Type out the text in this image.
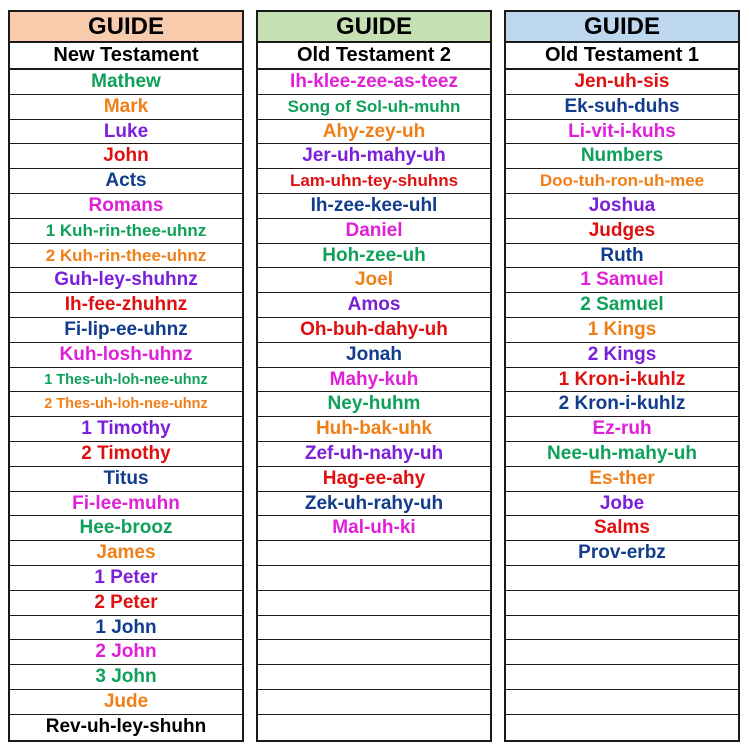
GUIDE
New Testament
Mathew
Mark
Luke
John
Acts
Romans
1 Kuh-rin-thee-uhnz
2 Kuh-rin-thee-uhnz
Guh-ley-shuhnz
Ih-fee-zhuhnz
Fi-lip-ee-uhnz
Kuh-losh-uhnz
1 Thes-uh-loh-nee-uhnz
2 Thes-uh-loh-nee-uhnz
1 Timothy
2 Timothy
Titus
Fi-lee-muhn
Hee-brooz
James
1 Peter
2 Peter
1 John
2 John
3 John
Jude
Rev-uh-ley-shuhn
GUIDE
Old Testament 2
Ih-klee-zee-as-teez
Song of Sol-uh-muhn
Ahy-zey-uh
Jer-uh-mahy-uh
Lam-uhn-tey-shuhns
Ih-zee-kee-uhl
Daniel
Hoh-zee-uh
Joel
Amos
Oh-buh-dahy-uh
Jonah
Mahy-kuh
Ney-huhm
Huh-bak-uhk
Zef-uh-nahy-uh
Hag-ee-ahy
Zek-uh-rahy-uh
Mal-uh-ki
GUIDE
Old Testament 1
Jen-uh-sis
Ek-suh-duhs
Li-vit-i-kuhs
Numbers
Doo-tuh-ron-uh-mee
Joshua
Judges
Ruth
1 Samuel
2 Samuel
1 Kings
2 Kings
1 Kron-i-kuhlz
2 Kron-i-kuhlz
Ez-ruh
Nee-uh-mahy-uh
Es-ther
Jobe
Salms
Prov-erbz
